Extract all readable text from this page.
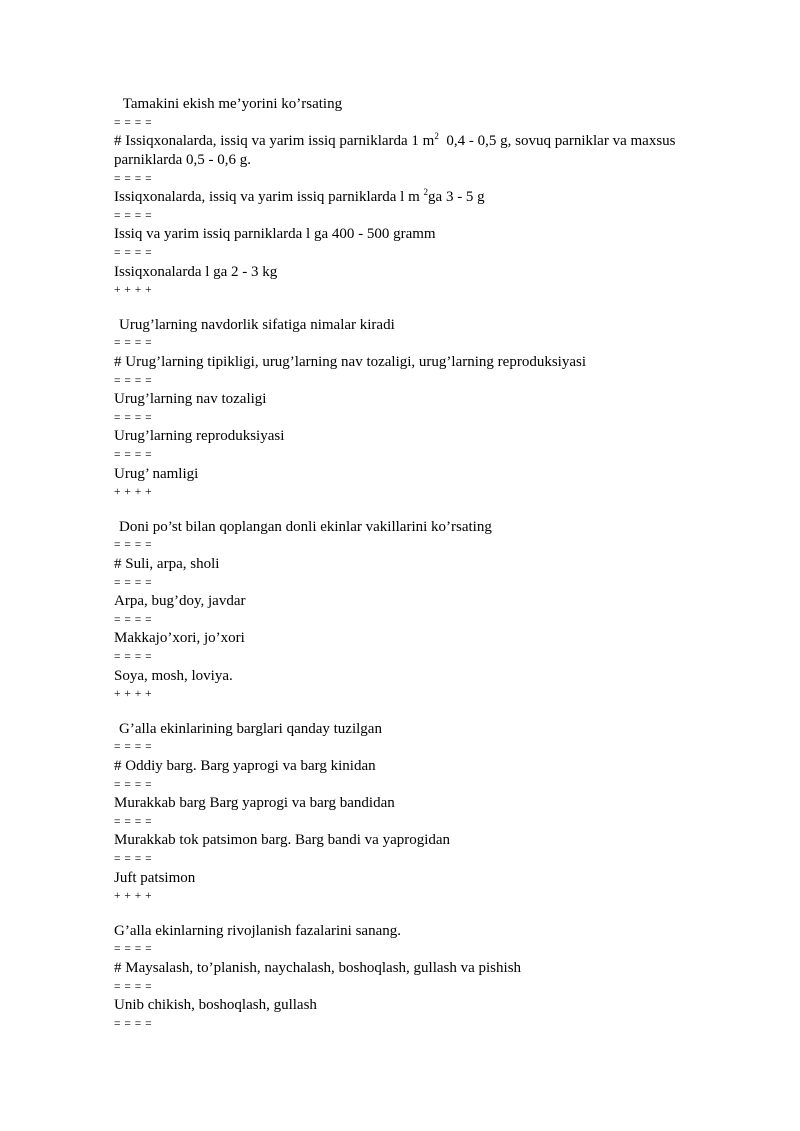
Tamakini ekish me’yorini ko’rsating
= = = =
# Issiqxonalarda, issiq va yarim issiq parniklarda 1 $m^2$  0,4 - 0,5 g, sovuq parniklar va maxsus parniklarda 0,5 - 0,6 g.
= = = =
Issiqxonalarda, issiq va yarim issiq parniklarda l m $^2$ga 3 - 5 g
= = = =
Issiq va yarim issiq parniklarda l ga 400 - 500 gramm
= = = =
Issiqxonalarda l ga 2 - 3 kg
+ + + +
Urug’larning navdorlik sifatiga nimalar kiradi
= = = =
# Urug’larning tipikligi, urug’larning nav tozaligi, urug’larning reproduksiyasi
= = = =
Urug’larning nav tozaligi
= = = =
Urug’larning reproduksiyasi
= = = =
Urug’ namligi
+ + + +
Doni po’st bilan qoplangan donli ekinlar vakillarini ko’rsating
= = = =
# Suli, arpa, sholi
= = = =
Arpa, bug’doy, javdar
= = = =
Makkajo’xori, jo’xori
= = = =
Soya, mosh, loviya.
+ + + +
G’alla ekinlarining barglari qanday tuzilgan
= = = =
# Oddiy barg. Barg yaprogi va barg kinidan
= = = =
Murakkab barg Barg yaprogi va barg bandidan
= = = =
Murakkab tok patsimon barg. Barg bandi va yaprogidan
= = = =
Juft patsimon
+ + + +
G’alla ekinlarning rivojlanish fazalarini sanang.
= = = =
# Maysalash, to’planish, naychalash, boshoqlash, gullash va pishish
= = = =
Unib chikish, boshoqlash, gullash
= = = =
